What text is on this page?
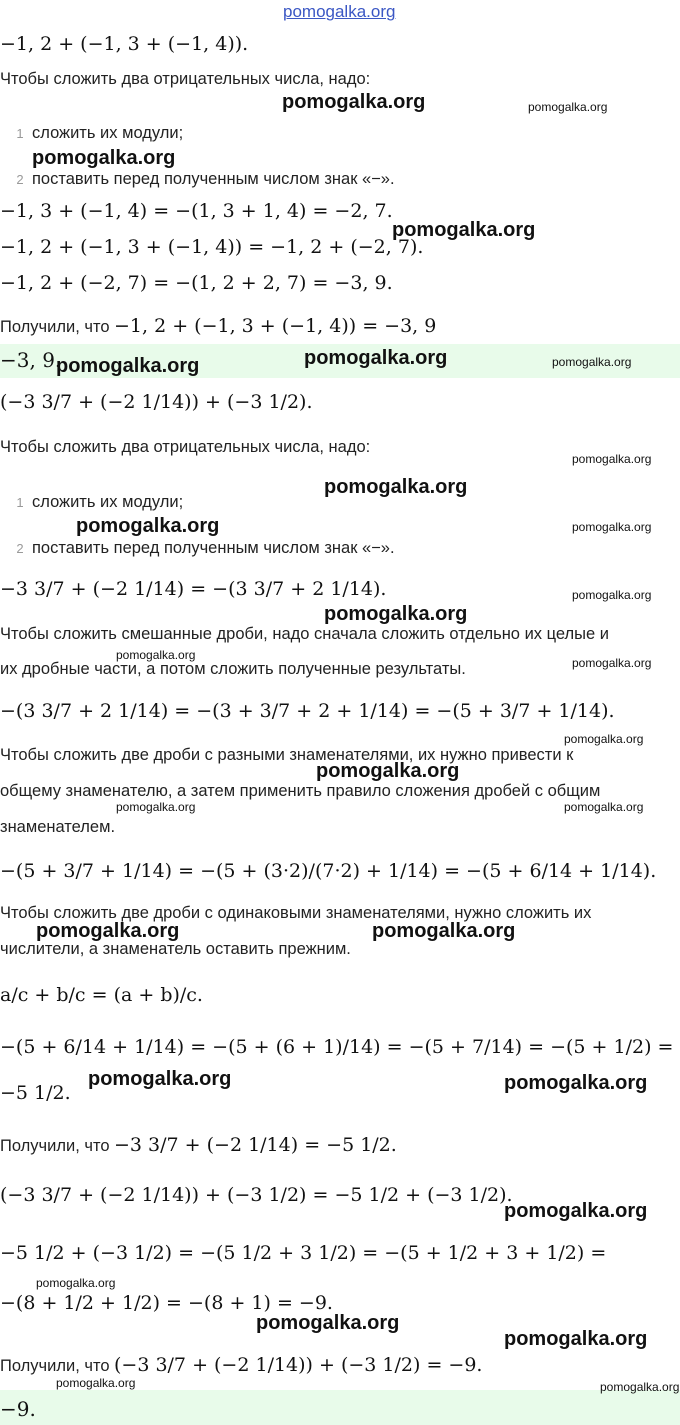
pomogalka.org
−1, 2 + (−1, 3 + (−1, 4)).
Чтобы сложить два отрицательных числа, надо:
1 сложить их модули;
2 поставить перед полученным числом знак «−».
−1, 3 + (−1, 4) = −(1, 3 + 1, 4) = −2, 7.
−1, 2 + (−1, 3 + (−1, 4)) = −1, 2 + (−2, 7).
−1, 2 + (−2, 7) = −(1, 2 + 2, 7) = −3, 9.
Получили, что −1, 2 + (−1, 3 + (−1, 4)) = −3, 9
−3, 9.
(−3 3/7 + (−2 1/14)) + (−3 1/2).
Чтобы сложить два отрицательных числа, надо:
1 сложить их модули;
2 поставить перед полученным числом знак «−».
−3 3/7 + (−2 1/14) = −(3 3/7 + 2 1/14).
Чтобы сложить смешанные дроби, надо сначала сложить отдельно их целые и
их дробные части, а потом сложить полученные результаты.
−(3 3/7 + 2 1/14) = −(3 + 3/7 + 2 + 1/14) = −(5 + 3/7 + 1/14).
Чтобы сложить две дроби с разными знаменателями, их нужно привести к
общему знаменателю, а затем применить правило сложения дробей с общим
знаменателем.
−(5 + 3/7 + 1/14) = −(5 + (3·2)/(7·2) + 1/14) = −(5 + 6/14 + 1/14).
Чтобы сложить две дроби с одинаковыми знаменателями, нужно сложить их
числители, а знаменатель оставить прежним.
a/c + b/c = (a + b)/c.
−(5 + 6/14 + 1/14) = −(5 + (6 + 1)/14) = −(5 + 7/14) = −(5 + 1/2) =
−5 1/2.
Получили, что −3 3/7 + (−2 1/14) = −5 1/2.
(−3 3/7 + (−2 1/14)) + (−3 1/2) = −5 1/2 + (−3 1/2).
−5 1/2 + (−3 1/2) = −(5 1/2 + 3 1/2) = −(5 + 1/2 + 3 + 1/2) =
−(8 + 1/2 + 1/2) = −(8 + 1) = −9.
Получили, что (−3 3/7 + (−2 1/14)) + (−3 1/2) = −9.
−9.
pomogalka.org	pomogalka.org
pomogalka.org
pomogalka.org
pomogalka.org	pomogalka.org	pomogalka.org
pomogalka.org
pomogalka.org
pomogalka.org	pomogalka.org
pomogalka.org
pomogalka.org
pomogalka.org
pomogalka.org
pomogalka.org
pomogalka.org
pomogalka.org	pomogalka.org
pomogalka.org	pomogalka.org
pomogalka.org	pomogalka.org
pomogalka.org
pomogalka.org
pomogalka.org
pomogalka.org
pomogalka.org	pomogalka.org
